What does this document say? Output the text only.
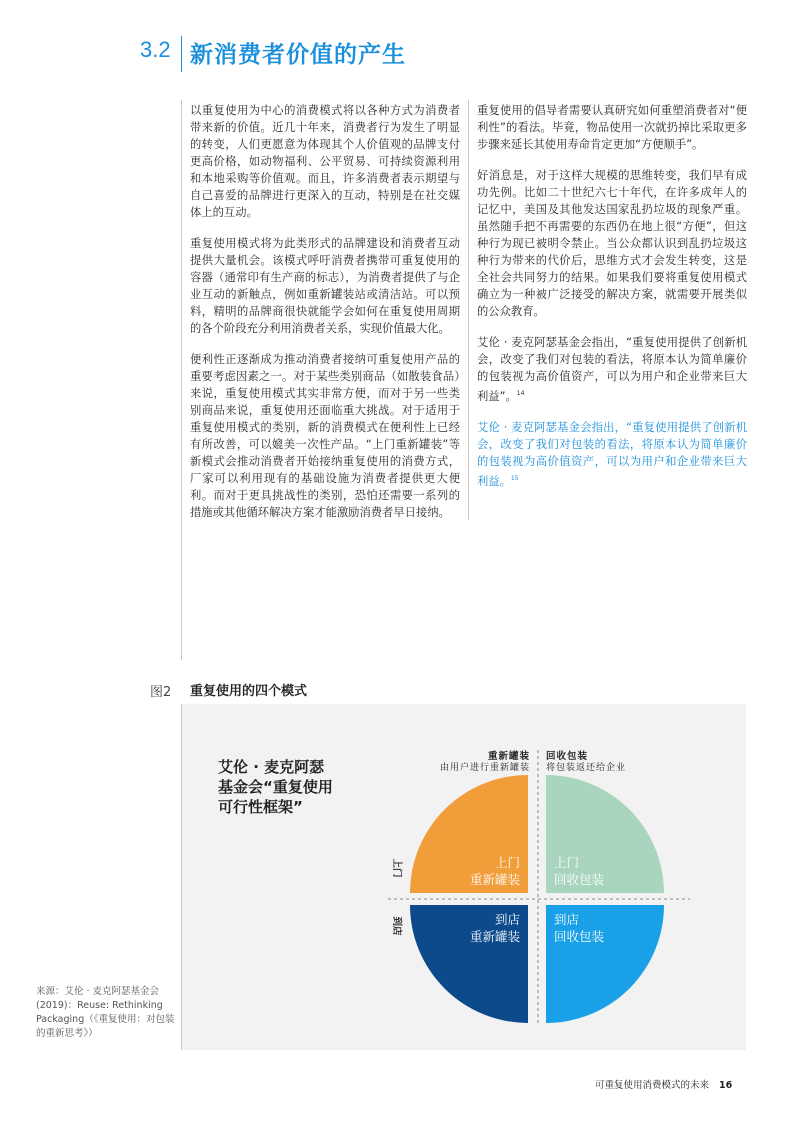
3.2 新消费者价值的产生

以重复使用为中心的消费模式将以各种方式为消费者带来新的价值。近几十年来，消费者行为发生了明显的转变，人们更愿意为体现其个人价值观的品牌支付更高价格，如动物福利、公平贸易、可持续资源利用和本地采购等价值观。而且，许多消费者表示期望与自己喜爱的品牌进行更深入的互动，特别是在社交媒体上的互动。

重复使用模式将为此类形式的品牌建设和消费者互动提供大量机会。该模式呼吁消费者携带可重复使用的容器（通常印有生产商的标志），为消费者提供了与企业互动的新触点，例如重新罐装站或清洁站。可以预料，精明的品牌商很快就能学会如何在重复使用周期的各个阶段充分利用消费者关系，实现价值最大化。

便利性正逐渐成为推动消费者接纳可重复使用产品的重要考虑因素之一。对于某些类别商品（如散装食品）来说，重复使用模式其实非常方便，而对于另一些类别商品来说，重复使用还面临重大挑战。对于适用于重复使用模式的类别，新的消费模式在便利性上已经有所改善，可以媲美一次性产品。“上门重新罐装”等新模式会推动消费者开始接纳重复使用的消费方式，厂家可以利用现有的基础设施为消费者提供更大便利。而对于更具挑战性的类别，恐怕还需要一系列的措施或其他循环解决方案才能激励消费者早日接纳。

重复使用的倡导者需要认真研究如何重塑消费者对“便利性”的看法。毕竟，物品使用一次就扔掉比采取更多步骤来延长其使用寿命肯定更加“方便顺手”。

好消息是，对于这样大规模的思维转变，我们早有成功先例。比如二十世纪六七十年代，在许多成年人的记忆中，美国及其他发达国家乱扔垃圾的现象严重。虽然随手把不再需要的东西仍在地上很“方便”，但这种行为现已被明令禁止。当公众都认识到乱扔垃圾这种行为带来的代价后，思维方式才会发生转变，这是全社会共同努力的结果。如果我们要将重复使用模式确立为一种被广泛接受的解决方案，就需要开展类似的公众教育。

艾伦 · 麦克阿瑟基金会指出，“重复使用提供了创新机会，改变了我们对包装的看法，将原本认为简单廉价的包装视为高价值资产，可以为用户和企业带来巨大利益”。$^{14}$

艾伦 · 麦克阿瑟基金会指出，“重复使用提供了创新机会，改变了我们对包装的看法，将原本认为简单廉价的包装视为高价值资产，可以为用户和企业带来巨大利益。$^{15}$

图2 重复使用的四个模式
艾伦 · 麦克阿瑟
基金会“重复使用
可行性框架”
重新罐装
由用户进行重新罐装
回收包装
将包装返还给企业
上门
到店
上门
重新罐装
上门
回收包装
到店
重新罐装
到店
回收包装
来源：艾伦 · 麦克阿瑟基金会(2019)：Reuse: Rethinking Packaging（《重复使用：对包装的重新思考》）
可重复使用消费模式的未来 16
